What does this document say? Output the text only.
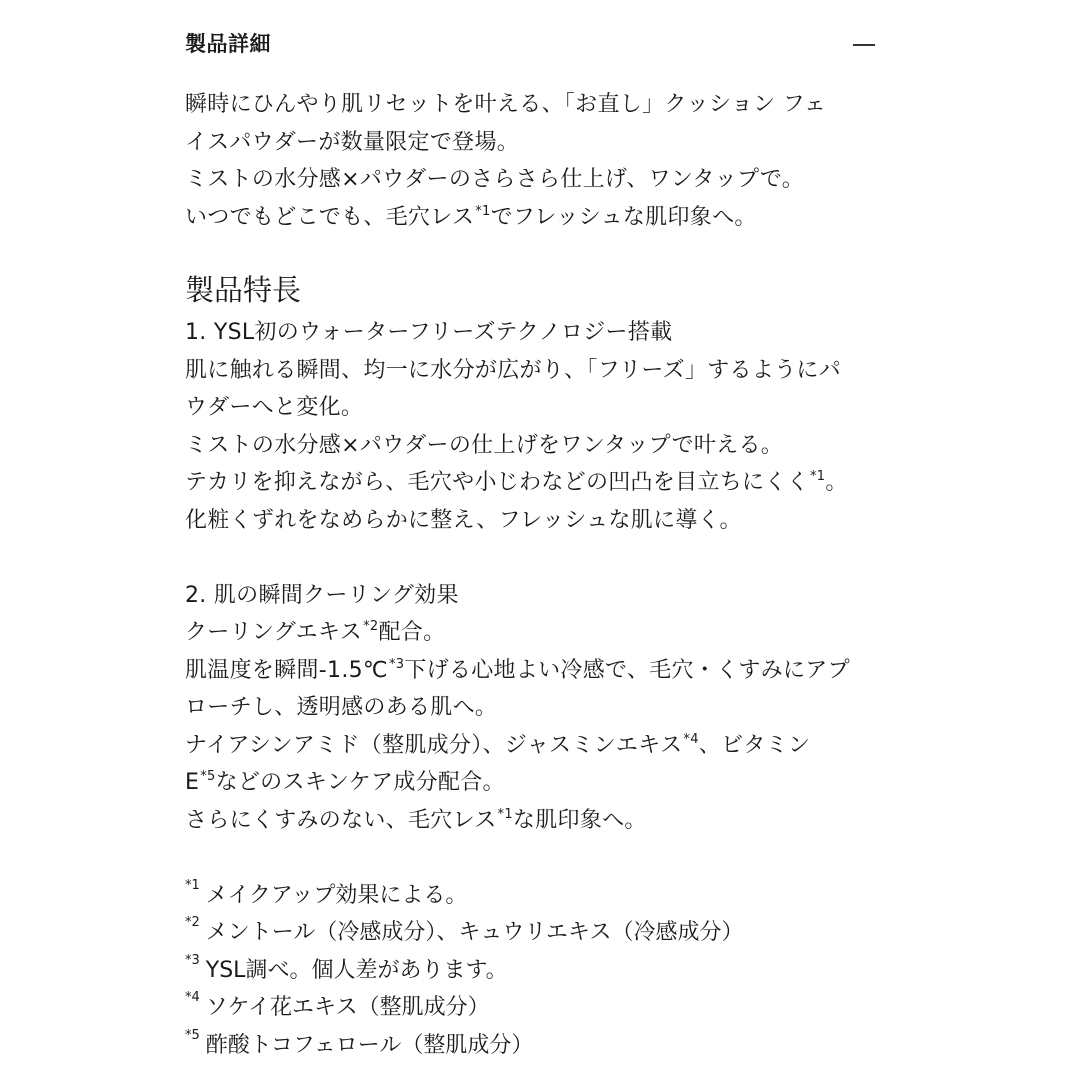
製品詳細
瞬時にひんやり肌リセットを叶える、「お直し」クッション フェ
イスパウダーが数量限定で登場。
ミストの水分感×パウダーのさらさら仕上げ、ワンタップで。
いつでもどこでも、毛穴レス$^{*1}$でフレッシュな肌印象へ。
製品特長
1. YSL初のウォーターフリーズテクノロジー搭載
肌に触れる瞬間、均一に水分が広がり、「フリーズ」するようにパ
ウダーへと変化。
ミストの水分感×パウダーの仕上げをワンタップで叶える。
テカリを抑えながら、毛穴や小じわなどの凹凸を目立ちにくく$^{*1}$。
化粧くずれをなめらかに整え、フレッシュな肌に導く。
2. 肌の瞬間クーリング効果
クーリングエキス$^{*2}$配合。
肌温度を瞬間-1.5℃$^{*3}$下げる心地よい冷感で、毛穴・くすみにアプ
ローチし、透明感のある肌へ。
ナイアシンアミド（整肌成分）、ジャスミンエキス$^{*4}$、ビタミン
$E^{*5}$などのスキンケア成分配合。
さらにくすみのない、毛穴レス$^{*1}$な肌印象へ。
*1 メイクアップ効果による。
*2 メントール（冷感成分）、キュウリエキス（冷感成分）
*3 YSL調べ。個人差があります。
*4 ソケイ花エキス（整肌成分）
*5 酢酸トコフェロール（整肌成分）
